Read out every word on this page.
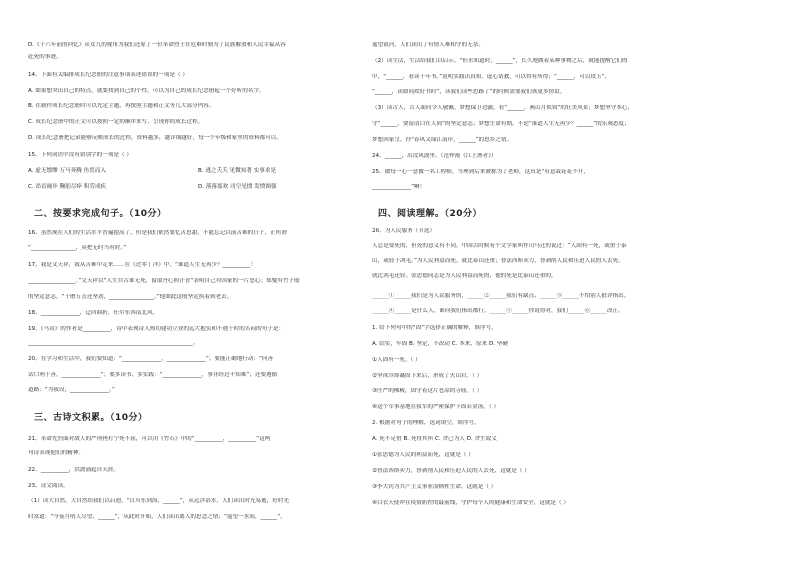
D.《十六年前的回忆》从女儿的视角为我们还原了一位革命烈士在危难时刻为了民族解放和人民幸福从容
赴死的事迹。
14、下面有关编排成长纪念册的注意事项表述错误的一项是（ ）
A. 如果想突出自己的特点，就要找到自己的个性，可以为自己的成长纪念册起一个好听的名字。
B. 在制作成长纪念册时可以先定主题，再按照主题和正文等几大部分内容。
C. 成长纪念册中的正文可以按照一定的顺序来写，呈现你的成长过程。
D. 成长纪念册把记录能够反映成长的过程，资料越多，越详细越好，每一个年级和家里的资料都可以。
15、下列词语中没有错别字的一项是（ ）
A. 虚无缥缈 万马奔腾 鱼贯而入	B. 逃之夭夭 见微知著 实事求是
C. 昂首阔步 鞠躬尽瘁 积劳成疾	D. 落落寡欢 司空见惯 发愤图强
二、按要求完成句子。（10分）
16、虽然现在人们的生活水平普遍提高了，但是我们依然要忆苦思甜，不能忘记以前苦难的日子，正所谓
“________________，莫把无时当有时。”
17、我是文天祥，我从苦难中走来……在《过零丁洋》中，“谁道人生无再少？__________！
_________________。”文天祥以“人生自古谁无死，留取丹心照汗青”表明自己对国家的一片忠心；郑燮有竹子般
的坚定意志，“千磨万击还坚劲，________________。”他如此这般坚定执着到老去。
18、______________，迂回曲折，任尔东西南北风。
19、《马诗》的作者是__________，诗中表现诗人热切建功立业的远大抱负和不遇于时的苦闷的句子是：
___________________________________________________________。
20、在学习和生活中，我们要知道：“______________，______________”；要能正确地行动：“向善
话口利于善，______________”；要多读书、多实践：“______________，事非经过不知难”；还要遵循
道路：“为我设，______________。”
三、古诗文积累。（10分）
21、革命先烈面对敌人的严刑拷打宁死不屈，可以用《竹石》中的“__________，__________”这两
句诗表现他们的精神。
22、__________，洪波涌起自天涯。
23、诗文阅读。
（1）读大自然，大自然给我们以启迪。“目川东到海，______”，从远涉滔水，人们读出时光易逝，好时光
时常道：“今夜月明人尽望，______”，从此时开始，人们读出离人的思念之情；“遥望一水间，______”，
遥望银河，人们读出了有情人难相守的无奈。
（2）读生活，生活给我们以启示。“但水知道时，______”，长久地做着某种事物之后，就能提醒它们的
中，“______，看读千年书。”说明实践出真知，虚心请教，可以得有所得；“______，可以攻玉”，
“______，读如同攻好书时”，读我们读些思路了”的时候需要我们该更多情谊。
（3）读古人，古人面向令人敬佩。梦想保卫边疆，看“______，燕山月似钩”的壮美风景；梦想坚守本心，
守“______，要留清白在人间”的坚定意志；梦想生命有期，不论“谁道人生无再少？______”的乐观态度；
梦想回家呈，抒“春风又绿江南岸，______”的思乡之情。
24、______，出没风波里。（范仲淹《江上渔者》）
25、做每一心一意做一名工程师，当理到后来被称为了老师，这真是“有意栽花花不开，
______________”啊！
四、阅读理解。（20分）
26、为人民服务（节选）
人总是要死的，但死的意义有不同。中国古时候有个文学家叫作司马迁的说过：“人固有一死，或重于泰
山，或轻于鸿毛。”为人民利益而死，就比泰山还重；替法西斯卖力，替剥削人民和压迫人民的人去死，
就比鸿毛还轻。张思德同志是为人民利益而死的，他的死是比泰山还重的。
______①______我们是为人民服务的，______②______我们有缺点，______③______不怕别人批评指出。
______④______是什么人，谁向我们指出都行。______⑤______你说得对，我们______⑥______改正。
1. 给下列句中的“固”字选择正确的解释，填序号。
A. 结实，牢固 B. 坚定，不改动 C. 本来，原来 D. 坚硬
①人固有一死。（ ）
②坚冰冷却凝固下来后，形成了火山岩。（ ）
③庄严的佛殿，固守着这片苍凉的寺庙。（ ）
④这个军事基地在我军的严密保护下固若金汤。（ ）
2. 根据对句子的理解，选词填空，填序号。
A. 死不足惜 B. 死得其所 C. 舍己为人 D. 舍生取义
①张思德为人民的利益而死，这就是（ ）
②替法西斯卖力，替剥削人民和压迫人民的人去死，这就是（ ）
③李大钊为共产主义事业而牺牲生命，这就是（ ）
④白衣天使冲在疫情防控的最前线，守护每个人的健康和生命安全，这就是（ ）
